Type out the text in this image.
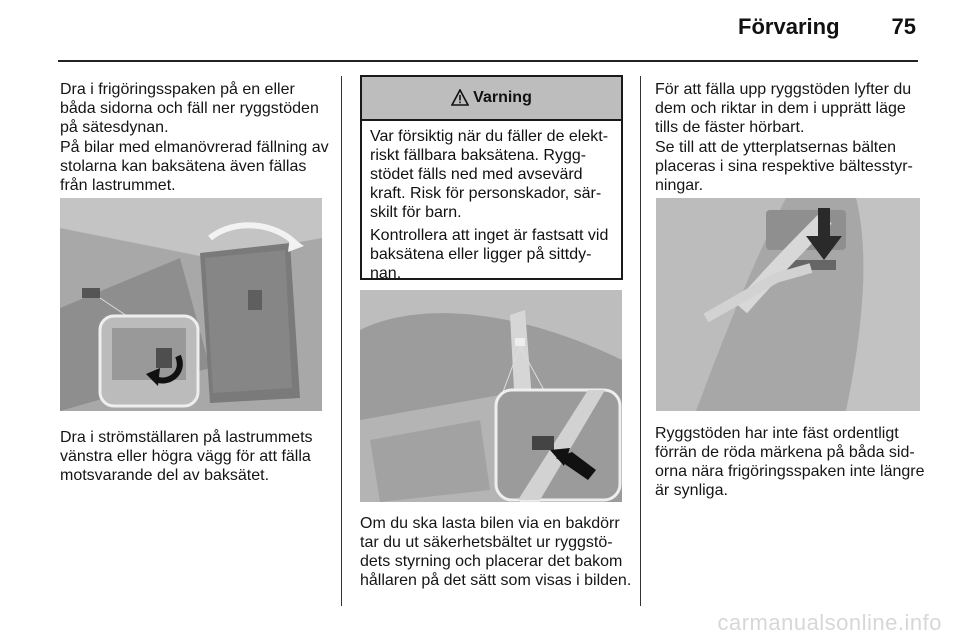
Förvaring 75

Dra i frigöringsspaken på en eller båda sidorna och fäll ner ryggstöden på sätesdynan.

På bilar med elmanövrerad fällning av stolarna kan baksätena även fällas från lastrummet.

Dra i strömställaren på lastrummets vänstra eller högra vägg för att fälla motsvarande del av baksätet.

Varning

Var försiktig när du fäller de elekt-riskt fällbara baksätena. Rygg-stödet fälls ned med avsevärd kraft. Risk för personskador, sär-skilt för barn.

Kontrollera att inget är fastsatt vid baksätena eller ligger på sittdy-nan.

Om du ska lasta bilen via en bakdörr tar du ut säkerhetsbältet ur ryggstö-dets styrning och placerar det bakom hållaren på det sätt som visas i bilden.

För att fälla upp ryggstöden lyfter du dem och riktar in dem i upprätt läge tills de fäster hörbart.

Se till att de ytterplatsernas bälten placeras i sina respektive bältesstyr-ningar.

Ryggstöden har inte fäst ordentligt förrän de röda märkena på båda sid-orna nära frigöringsspaken inte längre är synliga.

carmanualsonline.info
